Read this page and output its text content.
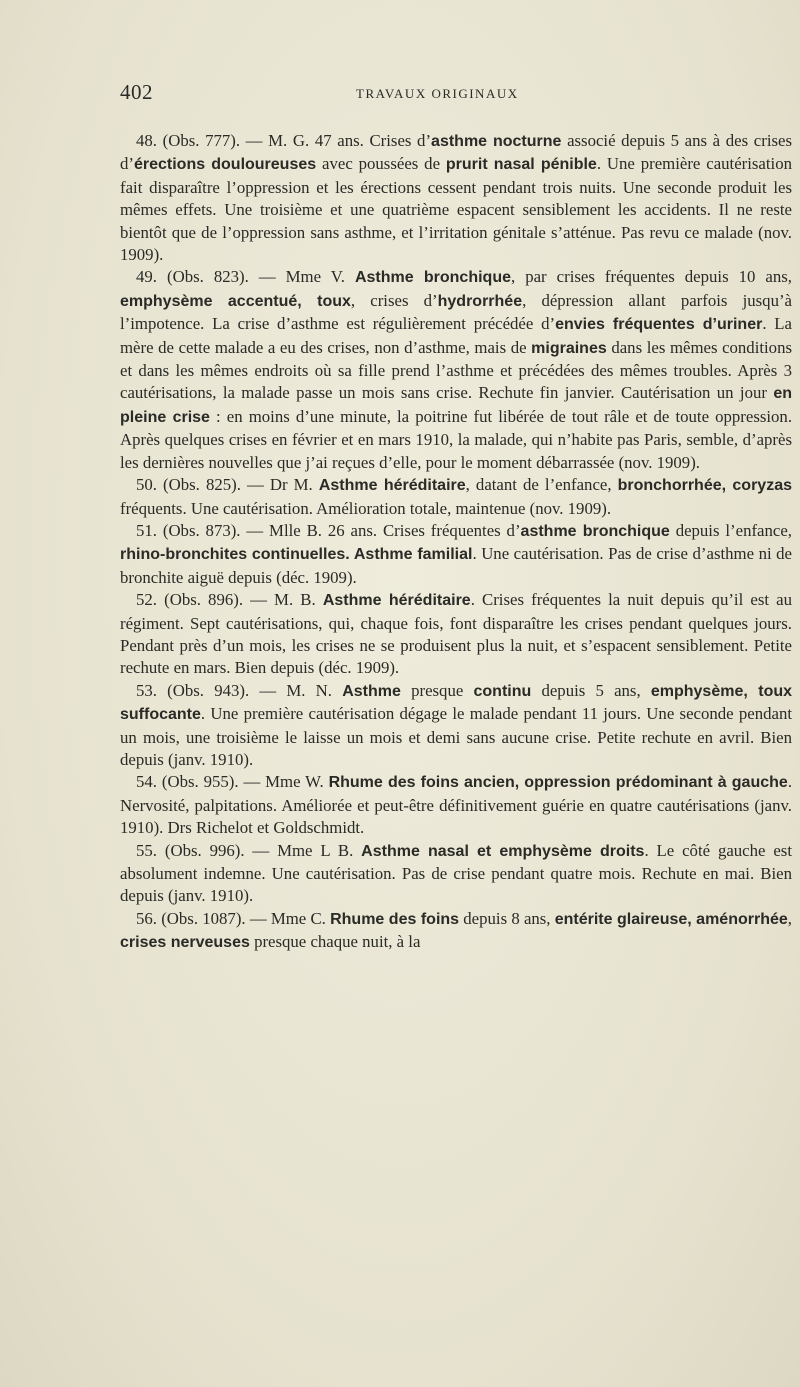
402	TRAVAUX ORIGINAUX

48. (Obs. 777). — M. G. 47 ans. Crises d’asthme nocturne associé depuis 5 ans à des crises d’érections douloureuses avec poussées de prurit nasal pénible. Une première cautérisation fait disparaître l’oppression et les érections cessent pendant trois nuits. Une seconde produit les mêmes effets. Une troisième et une quatrième espacent sensiblement les accidents. Il ne reste bientôt que de l’oppression sans asthme, et l’irritation génitale s’atténue. Pas revu ce malade (nov. 1909).

49. (Obs. 823). — Mme V. Asthme bronchique, par crises fréquentes depuis 10 ans, emphysème accentué, toux, crises d’hydrorrhée, dépression allant parfois jusqu’à l’impotence. La crise d’asthme est régulièrement précédée d’envies fréquentes d’uriner. La mère de cette malade a eu des crises, non d’asthme, mais de migraines dans les mêmes conditions et dans les mêmes endroits où sa fille prend l’asthme et précédées des mêmes troubles. Après 3 cautérisations, la malade passe un mois sans crise. Rechute fin janvier. Cautérisation un jour en pleine crise : en moins d’une minute, la poitrine fut libérée de tout râle et de toute oppression. Après quelques crises en février et en mars 1910, la malade, qui n’habite pas Paris, semble, d’après les dernières nouvelles que j’ai reçues d’elle, pour le moment débarrassée (nov. 1909).

50. (Obs. 825). — Dr M. Asthme héréditaire, datant de l’enfance, bronchorrhée, coryzas fréquents. Une cautérisation. Amélioration totale, maintenue (nov. 1909).

51. (Obs. 873). — Mlle B. 26 ans. Crises fréquentes d’asthme bronchique depuis l’enfance, rhino-bronchites continuelles. Asthme familial. Une cautérisation. Pas de crise d’asthme ni de bronchite aiguë depuis (déc. 1909).

52. (Obs. 896). — M. B. Asthme héréditaire. Crises fréquentes la nuit depuis qu’il est au régiment. Sept cautérisations, qui, chaque fois, font disparaître les crises pendant quelques jours. Pendant près d’un mois, les crises ne se produisent plus la nuit, et s’espacent sensiblement. Petite rechute en mars. Bien depuis (déc. 1909).

53. (Obs. 943). — M. N. Asthme presque continu depuis 5 ans, emphysème, toux suffocante. Une première cautérisation dégage le malade pendant 11 jours. Une seconde pendant un mois, une troisième le laisse un mois et demi sans aucune crise. Petite rechute en avril. Bien depuis (janv. 1910).

54. (Obs. 955). — Mme W. Rhume des foins ancien, oppression prédominant à gauche. Nervosité, palpitations. Améliorée et peut-être définitivement guérie en quatre cautérisations (janv. 1910). Drs Richelot et Goldschmidt.

55. (Obs. 996). — Mme L B. Asthme nasal et emphysème droits. Le côté gauche est absolument indemne. Une cautérisation. Pas de crise pendant quatre mois. Rechute en mai. Bien depuis (janv. 1910).

56. (Obs. 1087). — Mme C. Rhume des foins depuis 8 ans, entérite glaireuse, aménorrhée, crises nerveuses presque chaque nuit, à la
